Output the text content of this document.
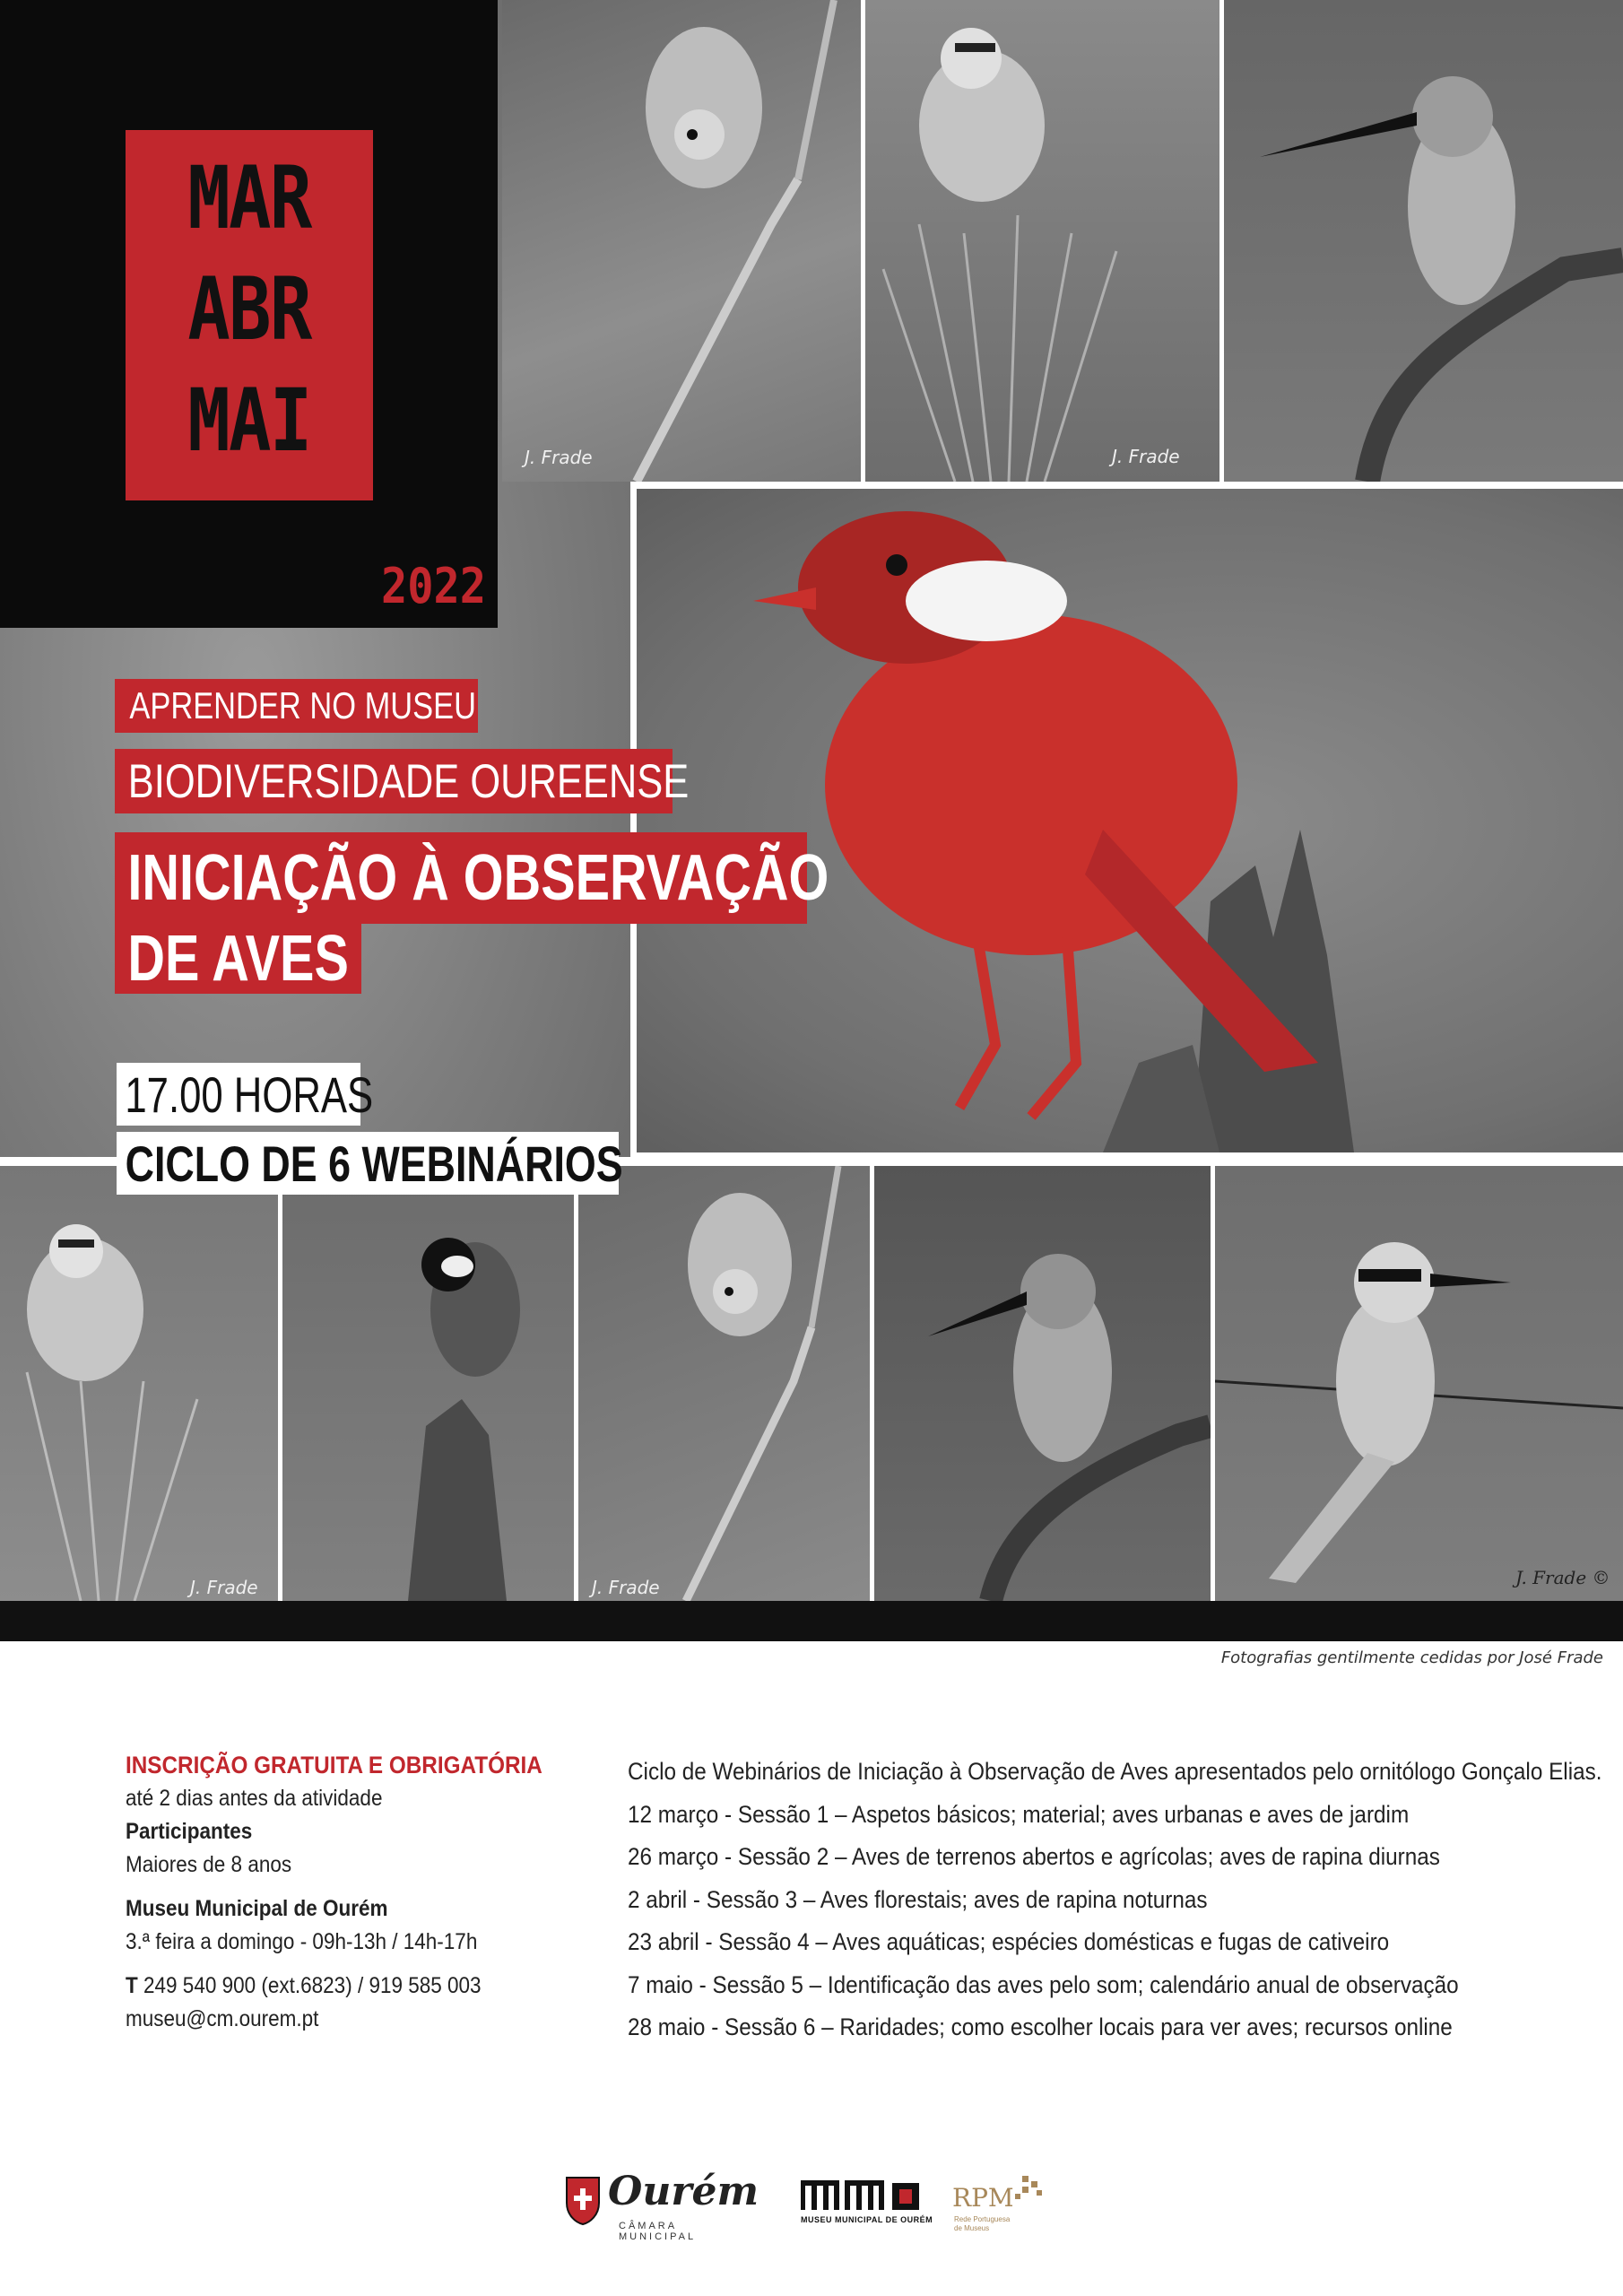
J. Frade	J. Frade
J. Frade	J. Frade	J. Frade ©
MAR
ABR
MAI
2022
APRENDER NO MUSEU
BIODIVERSIDADE OUREENSE
INICIAÇÃO À OBSERVAÇÃO
DE AVES
17.00 HORAS
CICLO DE 6 WEBINÁRIOS
Fotografias gentilmente cedidas por José Frade
INSCRIÇÃO GRATUITA E OBRIGATÓRIA
até 2 dias antes da atividade
Participantes
Maiores de 8 anos
Museu Municipal de Ourém
3.ª feira a domingo - 09h-13h / 14h-17h
T 249 540 900 (ext.6823) / 919 585 003
museu@cm.ourem.pt
Ciclo de Webinários de Iniciação à Observação de Aves apresentados pelo ornitólogo Gonçalo Elias.
12 março - Sessão 1 – Aspetos básicos; material; aves urbanas e aves de jardim
26 março - Sessão 2 – Aves de terrenos abertos e agrícolas; aves de rapina diurnas
2 abril - Sessão 3 – Aves florestais; aves de rapina noturnas
23 abril - Sessão 4 – Aves aquáticas; espécies domésticas e fugas de cativeiro
7 maio - Sessão 5 – Identificação das aves pelo som; calendário anual de observação
28 maio - Sessão 6 – Raridades; como escolher locais para ver aves; recursos online
Ourém
CÂMARA MUNICIPAL
MUSEU MUNICIPAL DE OURÉM
RPM
Rede Portuguesa
de Museus
